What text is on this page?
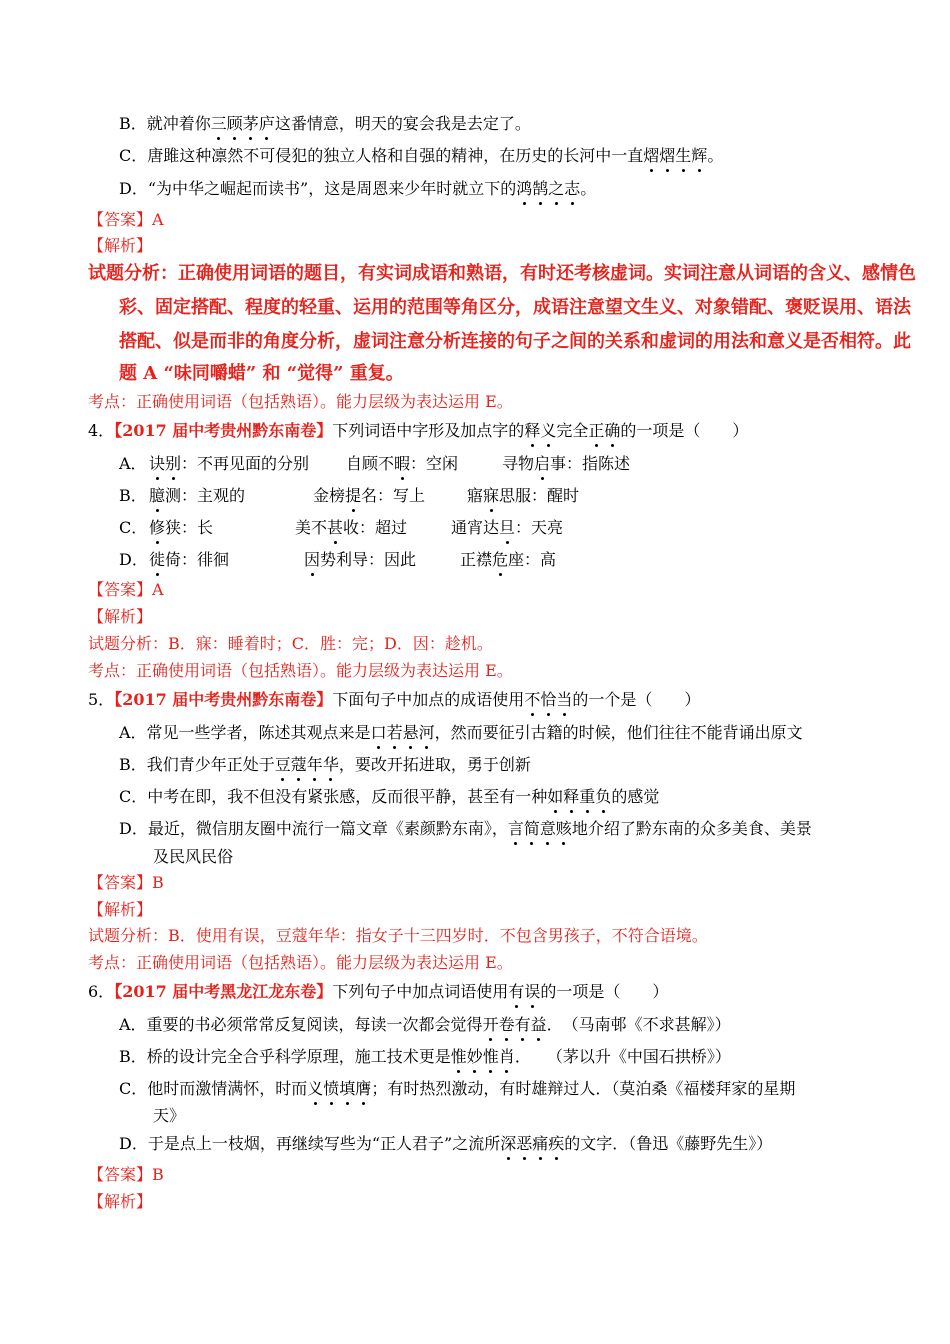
B．就冲着你三顾茅庐这番情意，明天的宴会我是去定了。
C．唐雎这种凛然不可侵犯的独立人格和自强的精神，在历史的长河中一直熠熠生辉。
D．“为中华之崛起而读书”，这是周恩来少年时就立下的鸿鹄之志。
【答案】A
【解析】
试题分析：正确使用词语的题目，有实词成语和熟语，有时还考核虚词。实词注意从词语的含义、感情色
彩、固定搭配、程度的轻重、运用的范围等角区分，成语注意望文生义、对象错配、褒贬误用、语法
搭配、似是而非的角度分析，虚词注意分析连接的句子之间的关系和虚词的用法和意义是否相符。此
题 A “味同嚼蜡” 和 “觉得” 重复。
考点：正确使用词语（包括熟语）。能力层级为表达运用 E。
4．【2017 届中考贵州黔东南卷】下列词语中字形及加点字的释义完全正确的一项是（　　）
A． 诀别：不再见面的分别 自顾不暇：空闲	寻物启事：指陈述
B． 臆测：主观的	金榜提名：写上	寤寐思服：醒时
C． 修狭：长	美不甚收：超过	通宵达旦：天亮
D． 徙倚：徘徊	因势利导：因此	正襟危座：高
【答案】A
【解析】
试题分析：B．寐：睡着时；C．胜：完；D．因：趁机。
考点：正确使用词语（包括熟语）。能力层级为表达运用 E。
5．【2017 届中考贵州黔东南卷】下面句子中加点的成语使用不恰当的一个是（　　）
A．常见一些学者，陈述其观点来是口若悬河，然而要征引古籍的时候，他们往往不能背诵出原文
B．我们青少年正处于豆蔻年华，要改开拓进取，勇于创新
C．中考在即，我不但没有紧张感，反而很平静，甚至有一种如释重负的感觉
D．最近，微信朋友圈中流行一篇文章《素颜黔东南》，言简意赅地介绍了黔东南的众多美食、美景
及民风民俗
【答案】B
【解析】
试题分析：B．使用有误，豆蔻年华：指女子十三四岁时．不包含男孩子，不符合语境。
考点：正确使用词语（包括熟语）。能力层级为表达运用 E。
6．【2017 届中考黑龙江龙东卷】下列句子中加点词语使用有误的一项是（　　）
A．重要的书必须常常反复阅读，每读一次都会觉得开卷有益．　（马南邨《不求甚解》）
B．桥的设计完全合乎科学原理，施工技术更是惟妙惟肖．　　（茅以升《中国石拱桥》）
C．他时而激情满怀，时而义愤填膺；有时热烈激动，有时雄辩过人．（莫泊桑《福楼拜家的星期
天》
D．于是点上一枝烟，再继续写些为“正人君子”之流所深恶痛疾的文字．（鲁迅《藤野先生》）
【答案】B
【解析】
